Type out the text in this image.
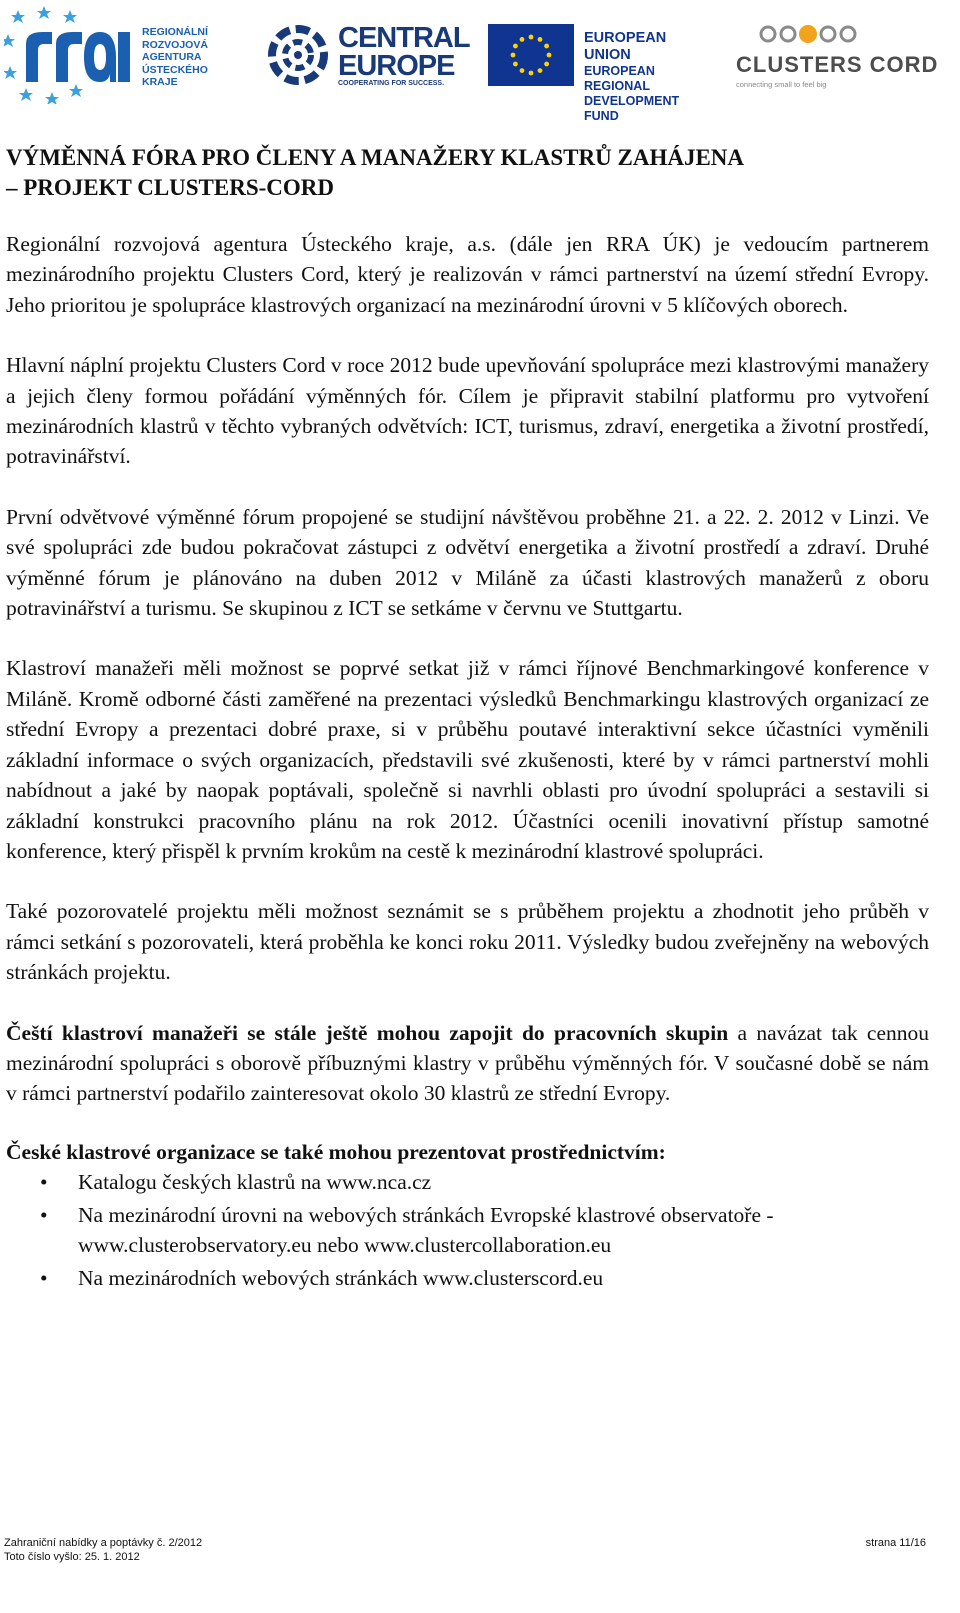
REGIONÁLNÍ
ROZVOJOVÁ
AGENTURA
ÚSTECKÉHO KRAJE
CENTRAL
EUROPE
COOPERATING FOR SUCCESS.
EUROPEAN UNION
EUROPEAN REGIONAL
DEVELOPMENT FUND
CLUSTERS CORD
connecting small to feel big
VÝMĚNNÁ FÓRA PRO ČLENY A MANAŽERY KLASTRŮ ZAHÁJENA
– PROJEKT CLUSTERS-CORD

Regionální rozvojová agentura Ústeckého kraje, a.s. (dále jen RRA ÚK) je vedoucím partnerem mezinárodního projektu Clusters Cord, který je realizován v rámci partnerství na území střední Evropy. Jeho prioritou je spolupráce klastrových organizací na mezinárodní úrovni v 5 klíčových oborech.

Hlavní náplní projektu Clusters Cord v roce 2012 bude upevňování spolupráce mezi klastrovými manažery a jejich členy formou pořádání výměnných fór. Cílem je připravit stabilní platformu pro vytvoření mezinárodních klastrů v těchto vybraných odvětvích: ICT, turismus, zdraví, energetika a životní prostředí, potravinářství.

První odvětvové výměnné fórum propojené se studijní návštěvou proběhne 21. a 22. 2. 2012 v Linzi. Ve své spolupráci zde budou pokračovat zástupci z odvětví energetika a životní prostředí a zdraví. Druhé výměnné fórum je plánováno na duben 2012 v Miláně za účasti klastrových manažerů z oboru potravinářství a turismu. Se skupinou z ICT se setkáme v červnu ve Stuttgartu.

Klastroví manažeři měli možnost se poprvé setkat již v rámci říjnové Benchmarkingové konference v Miláně. Kromě odborné části zaměřené na prezentaci výsledků Benchmarkingu klastrových organizací ze střední Evropy a prezentaci dobré praxe, si v průběhu poutavé interaktivní sekce účastníci vyměnili základní informace o svých organizacích, představili své zkušenosti, které by v rámci partnerství mohli nabídnout a jaké by naopak poptávali, společně si navrhli oblasti pro úvodní spolupráci a sestavili si základní konstrukci pracovního plánu na rok 2012. Účastníci ocenili inovativní přístup samotné konference, který přispěl k prvním krokům na cestě k mezinárodní klastrové spolupráci.

Také pozorovatelé projektu měli možnost seznámit se s průběhem projektu a zhodnotit jeho průběh v rámci setkání s pozorovateli, která proběhla ke konci roku 2011. Výsledky budou zveřejněny na webových stránkách projektu.

Čeští klastroví manažeři se stále ještě mohou zapojit do pracovních skupin a navázat tak cennou mezinárodní spolupráci s oborově příbuznými klastry v průběhu výměnných fór. V současné době se nám v rámci partnerství podařilo zainteresovat okolo 30 klastrů ze střední Evropy.

České klastrové organizace se také mohou prezentovat prostřednictvím:
• Katalogu českých klastrů na www.nca.cz
• Na mezinárodní úrovni na webových stránkách Evropské klastrové observatoře - www.clusterobservatory.eu nebo www.clustercollaboration.eu
• Na mezinárodních webových stránkách www.clusterscord.eu
Zahraniční nabídky a poptávky č. 2/2012	strana 11/16
Toto číslo vyšlo: 25. 1. 2012
